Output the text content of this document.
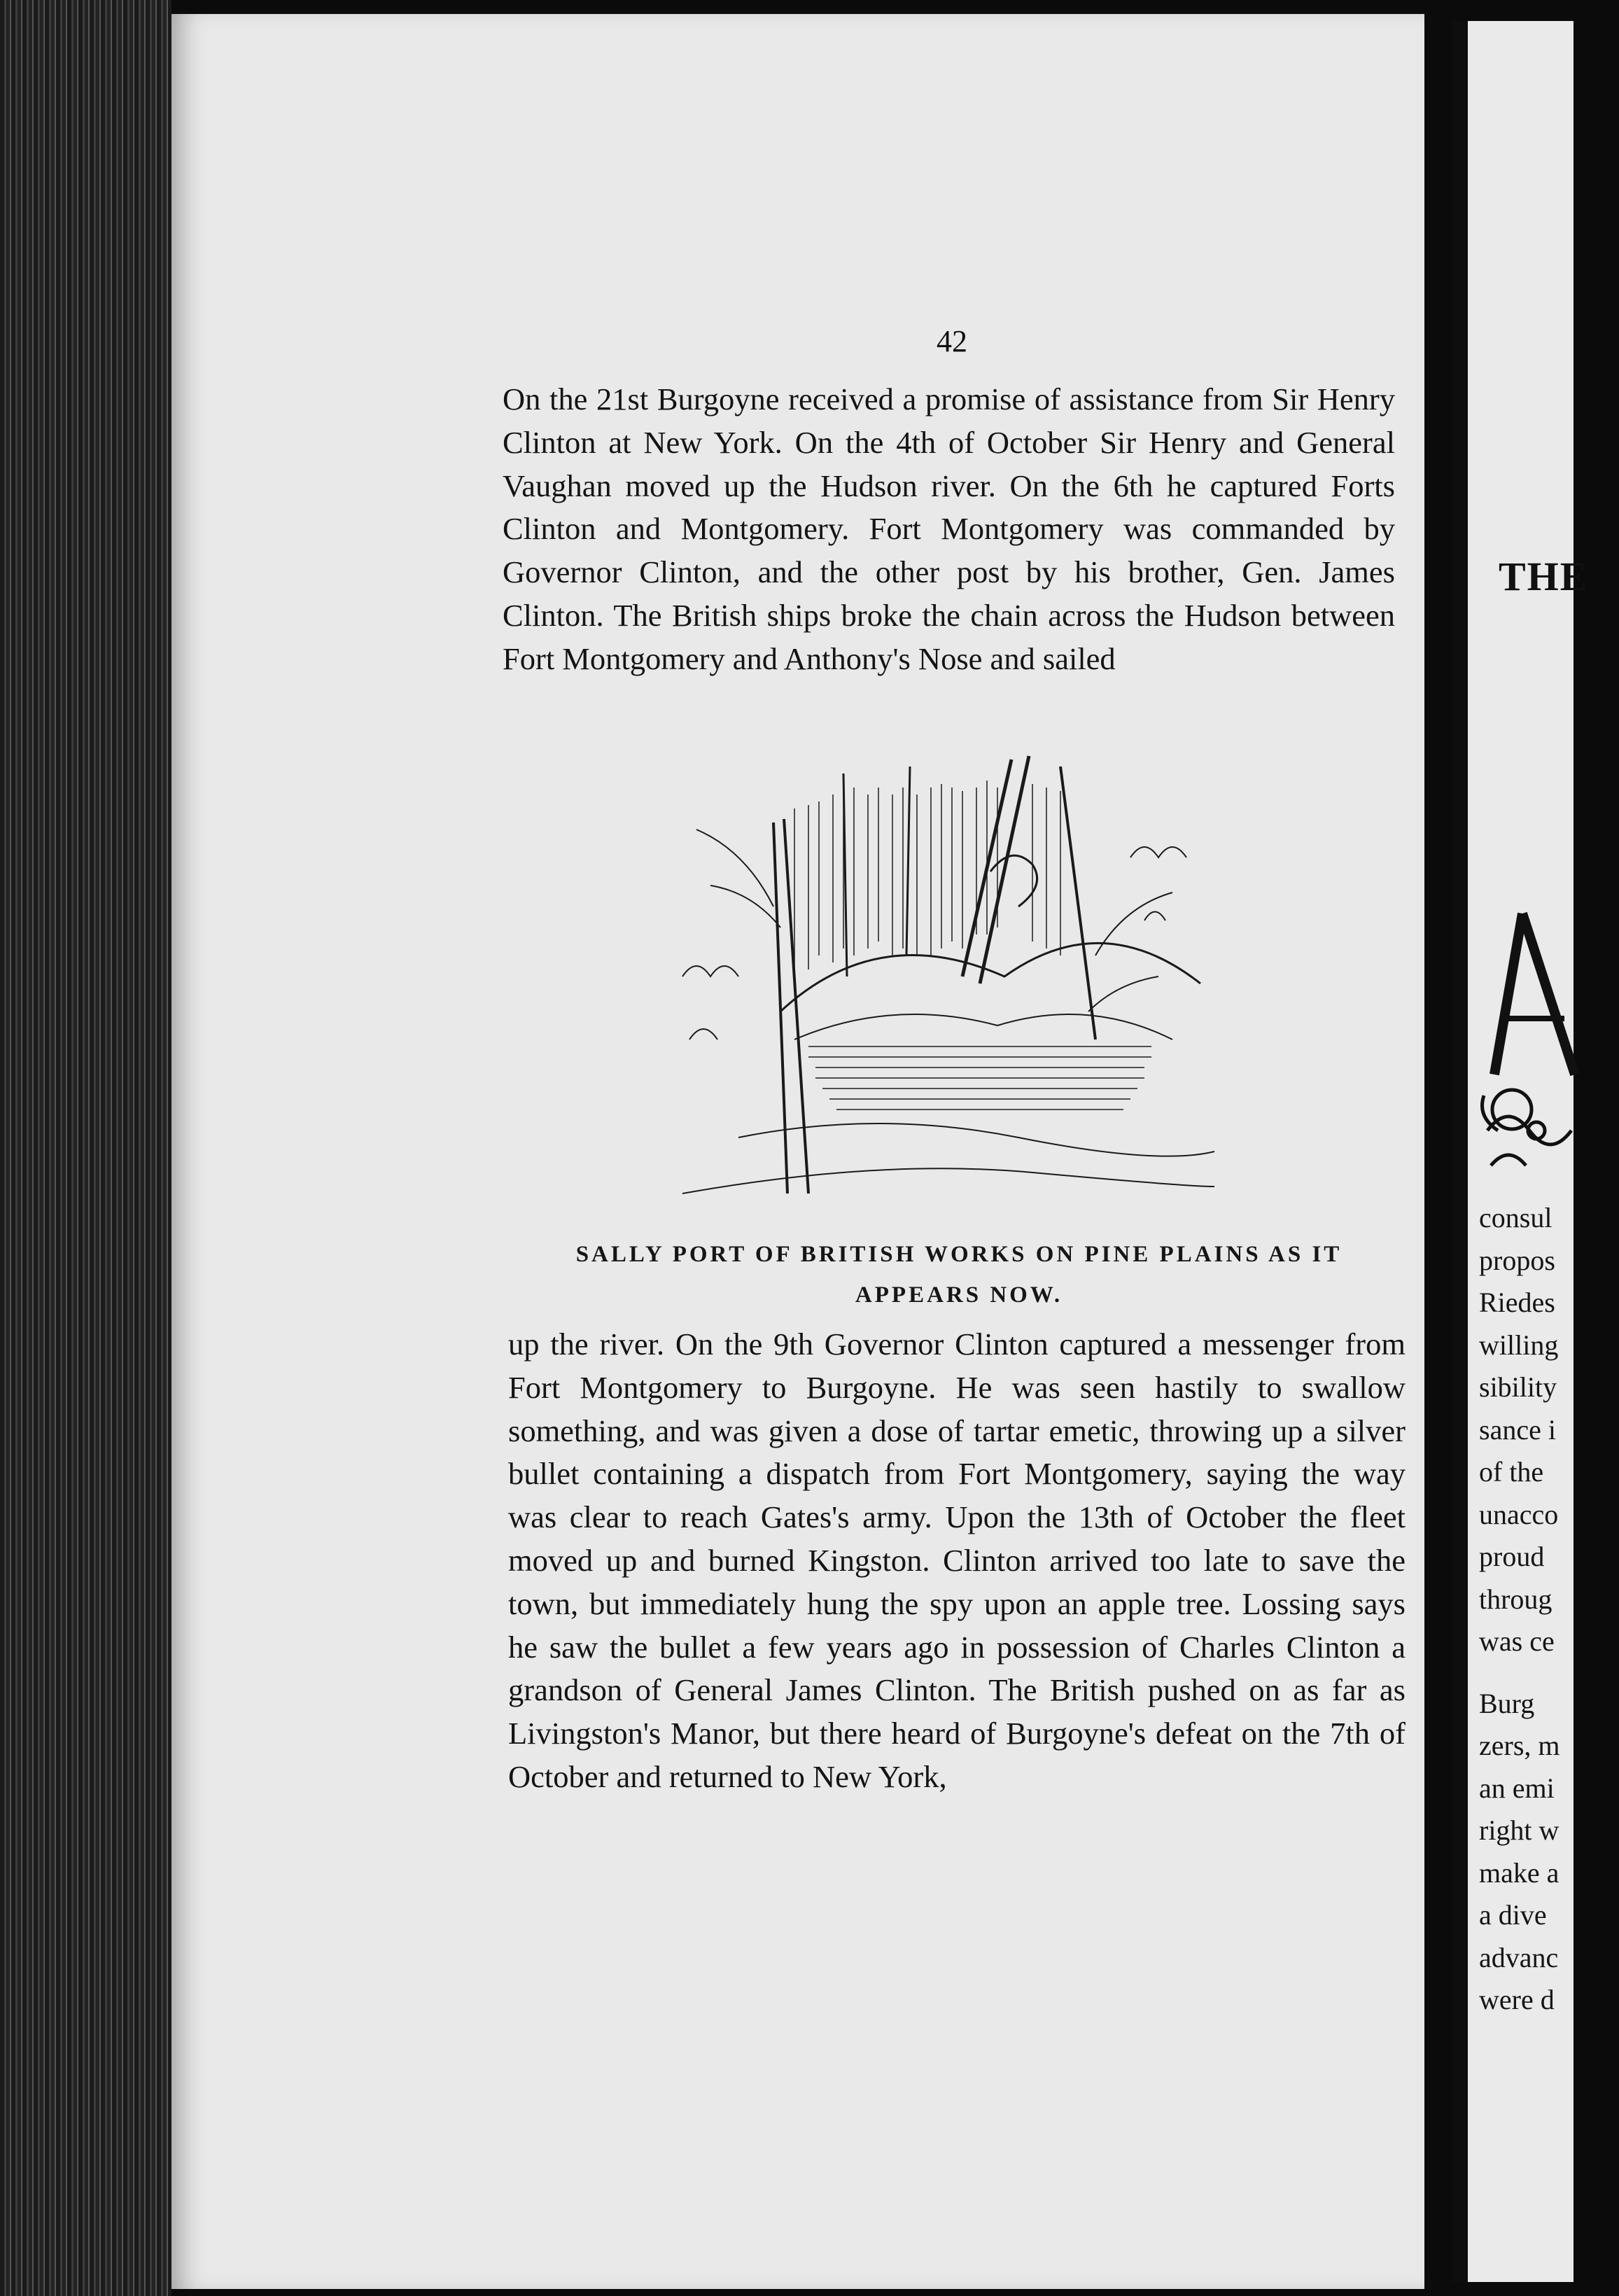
42

On the 21st Burgoyne received a promise of assistance from Sir Henry Clinton at New York. On the 4th of October Sir Henry and General Vaughan moved up the Hudson river. On the 6th he captured Forts Clinton and Montgomery. Fort Montgomery was commanded by Governor Clinton, and the other post by his brother, Gen. James Clinton. The British ships broke the chain across the Hudson between Fort Montgomery and Anthony's Nose and sailed

SALLY PORT OF BRITISH WORKS ON PINE PLAINS AS IT
APPEARS NOW.

up the river. On the 9th Governor Clinton captured a messenger from Fort Montgomery to Burgoyne. He was seen hastily to swallow something, and was given a dose of tartar emetic, throwing up a silver bullet containing a dispatch from Fort Montgomery, saying the way was clear to reach Gates's army. Upon the 13th of October the fleet moved up and burned Kingston. Clinton arrived too late to save the town, but immediately hung the spy upon an apple tree. Lossing says he saw the bullet a few years ago in possession of Charles Clinton a grandson of General James Clinton. The British pushed on as far as Livingston's Manor, but there heard of Burgoyne's defeat on the 7th of October and returned to New York,

THE
consul
propos
Riedes
willing
sibility
sance i
of the
unacco
proud
throug
was ce
Burg
zers, m
an emi
right w
make a
a dive
advanc
were d
